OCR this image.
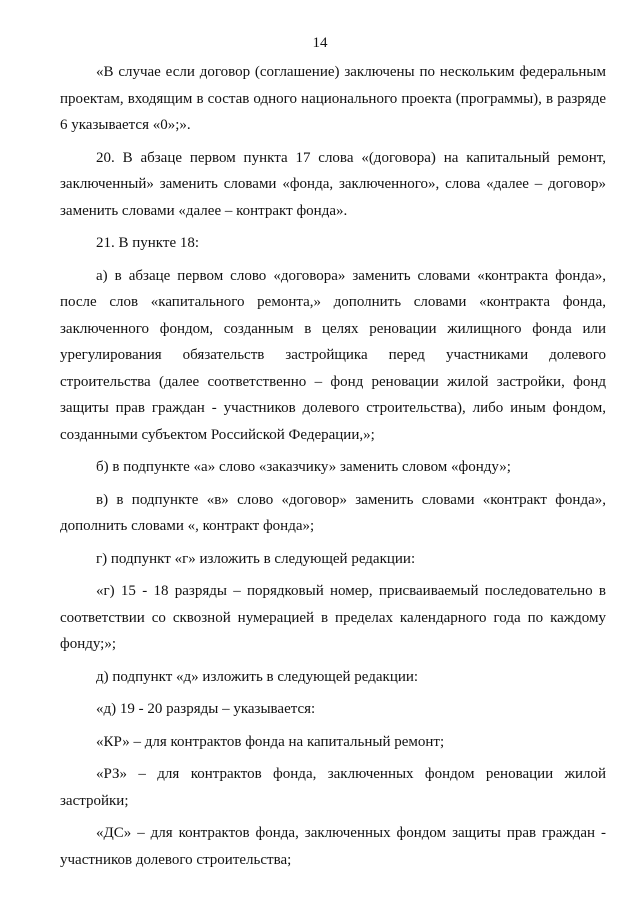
14

«В случае если договор (соглашение) заключены по нескольким федеральным проектам, входящим в состав одного национального проекта (программы), в разряде 6 указывается «0»;».

20. В абзаце первом пункта 17 слова «(договора) на капитальный ремонт, заключенный» заменить словами «фонда, заключенного», слова «далее – договор» заменить словами «далее – контракт фонда».

21. В пункте 18:

а) в абзаце первом слово «договора» заменить словами «контракта фонда», после слов «капитального ремонта,» дополнить словами «контракта фонда, заключенного фондом, созданным в целях реновации жилищного фонда или урегулирования обязательств застройщика перед участниками долевого строительства (далее соответственно – фонд реновации жилой застройки, фонд защиты прав граждан - участников долевого строительства), либо иным фондом, созданными субъектом Российской Федерации,»;

б) в подпункте «а» слово «заказчику» заменить словом «фонду»;

в) в подпункте «в» слово «договор» заменить словами «контракт фонда», дополнить словами «, контракт фонда»;

г) подпункт «г» изложить в следующей редакции:

«г) 15 - 18 разряды – порядковый номер, присваиваемый последовательно в соответствии со сквозной нумерацией в пределах календарного года по каждому фонду;»;

д) подпункт «д» изложить в следующей редакции:

«д) 19 - 20 разряды – указывается:

«КР» – для контрактов фонда на капитальный ремонт;

«РЗ» – для контрактов фонда, заключенных фондом реновации жилой застройки;

«ДС» – для контрактов фонда, заключенных фондом защиты прав граждан - участников долевого строительства;
